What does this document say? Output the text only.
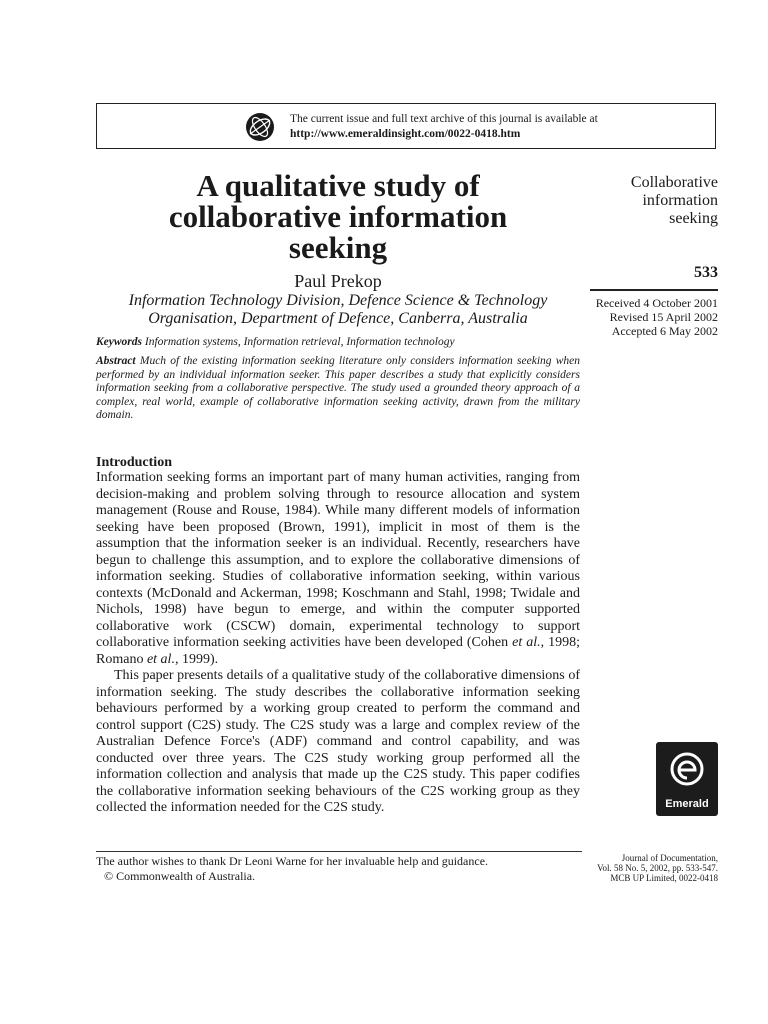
The current issue and full text archive of this journal is available at
http://www.emeraldinsight.com/0022-0418.htm
A qualitative study of
collaborative information
seeking
Paul Prekop
Information Technology Division, Defence Science & Technology
Organisation, Department of Defence, Canberra, Australia
Keywords Information systems, Information retrieval, Information technology
Abstract Much of the existing information seeking literature only considers information seeking when performed by an individual information seeker. This paper describes a study that explicitly considers information seeking from a collaborative perspective. The study used a grounded theory approach of a complex, real world, example of collaborative information seeking activity, drawn from the military domain.
Introduction

Information seeking forms an important part of many human activities, ranging from decision-making and problem solving through to resource allocation and system management (Rouse and Rouse, 1984). While many different models of information seeking have been proposed (Brown, 1991), implicit in most of them is the assumption that the information seeker is an individual. Recently, researchers have begun to challenge this assumption, and to explore the collaborative dimensions of information seeking. Studies of collaborative information seeking, within various contexts (McDonald and Ackerman, 1998; Koschmann and Stahl, 1998; Twidale and Nichols, 1998) have begun to emerge, and within the computer supported collaborative work (CSCW) domain, experimental technology to support collaborative information seeking activities have been developed (Cohen et al., 1998; Romano et al., 1999).

This paper presents details of a qualitative study of the collaborative dimensions of information seeking. The study describes the collaborative information seeking behaviours performed by a working group created to perform the command and control support (C2S) study. The C2S study was a large and complex review of the Australian Defence Force's (ADF) command and control capability, and was conducted over three years. The C2S study working group performed all the information collection and analysis that made up the C2S study. This paper codifies the collaborative information seeking behaviours of the C2S working group as they collected the information needed for the C2S study.

The author wishes to thank Dr Leoni Warne for her invaluable help and guidance.
© Commonwealth of Australia.
Collaborative
information
seeking
533
Received 4 October 2001
Revised 15 April 2002
Accepted 6 May 2002
Emerald
Journal of Documentation,
Vol. 58 No. 5, 2002, pp. 533-547.
MCB UP Limited, 0022-0418
